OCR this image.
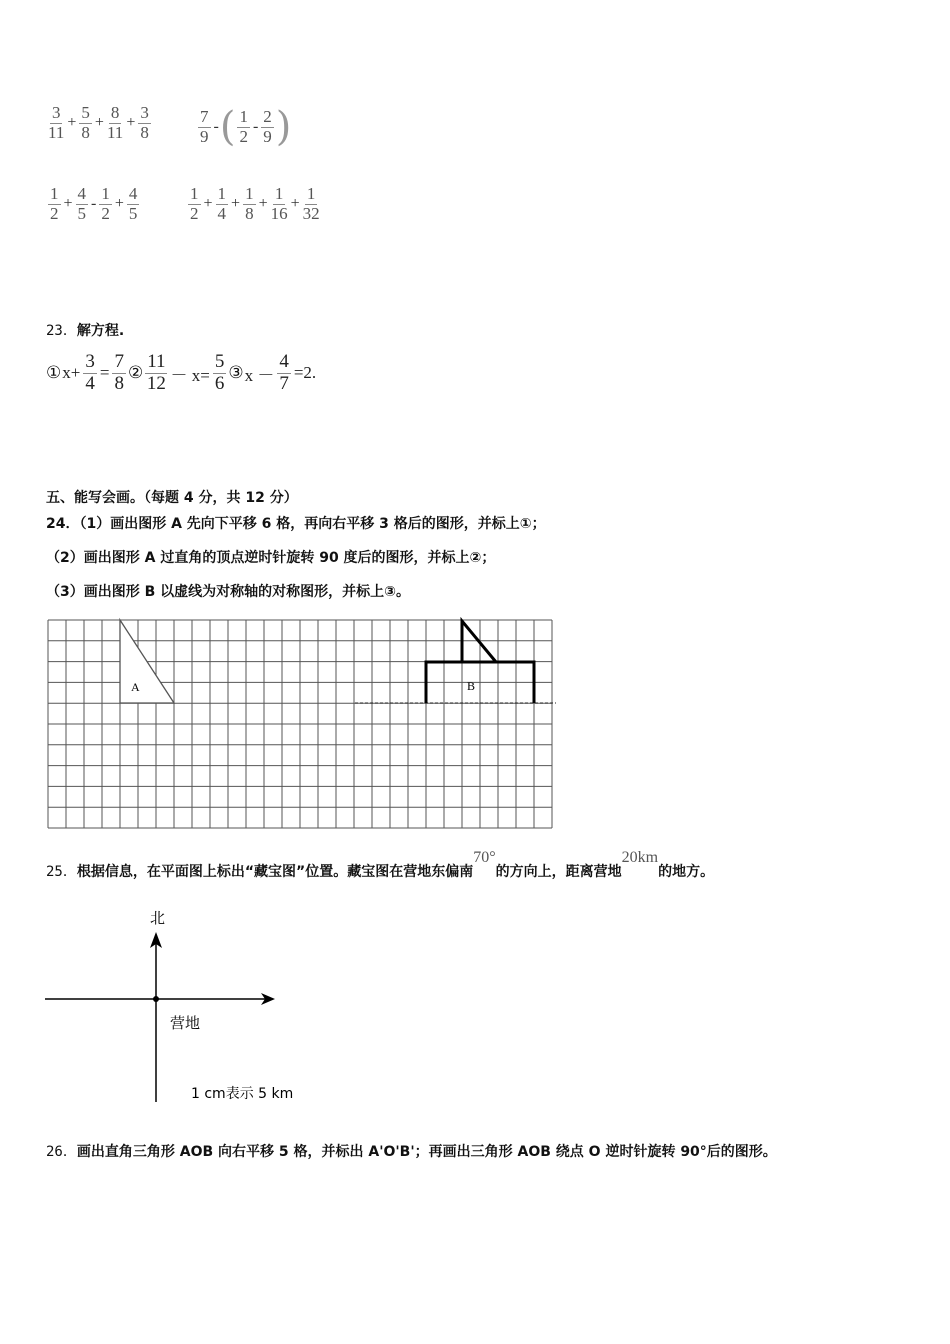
$\frac{3}{11} + \frac{5}{8} + \frac{8}{11} + \frac{3}{8}$	$\frac{7}{9}$ - ( $\frac{1}{2} - \frac{2}{9}$ )
$\frac{1}{2} + \frac{4}{5} - \frac{1}{2} + \frac{4}{5}$	$\frac{1}{2} + \frac{1}{4} + \frac{1}{8} + \frac{1}{16} + \frac{1}{32}$
23．解方程.
① $x+ \frac{3}{4} = \frac{7}{8}$ ② $\frac{11}{12} - x= \frac{5}{6}$ ③ $x - \frac{4}{7} =2$.
五、能写会画。（每题 4 分，共 12 分）
24．（1）画出图形 A 先向下平移 6 格，再向右平移 3 格后的图形，并标上①；
（2）画出图形 A 过直角的顶点逆时针旋转 90 度后的图形，并标上②；
（3）画出图形 B 以虚线为对称轴的对称图形，并标上③。
A	B
北
营地
1 cm表示 5 km
25．根据信息，在平面图上标出“藏宝图”位置。藏宝图在营地东偏南70°的方向上，距离营地20km的地方。
26．画出直角三角形 AOB 向右平移 5 格，并标出 A'O'B'；再画出三角形 AOB 绕点 O 逆时针旋转 90°后的图形。
